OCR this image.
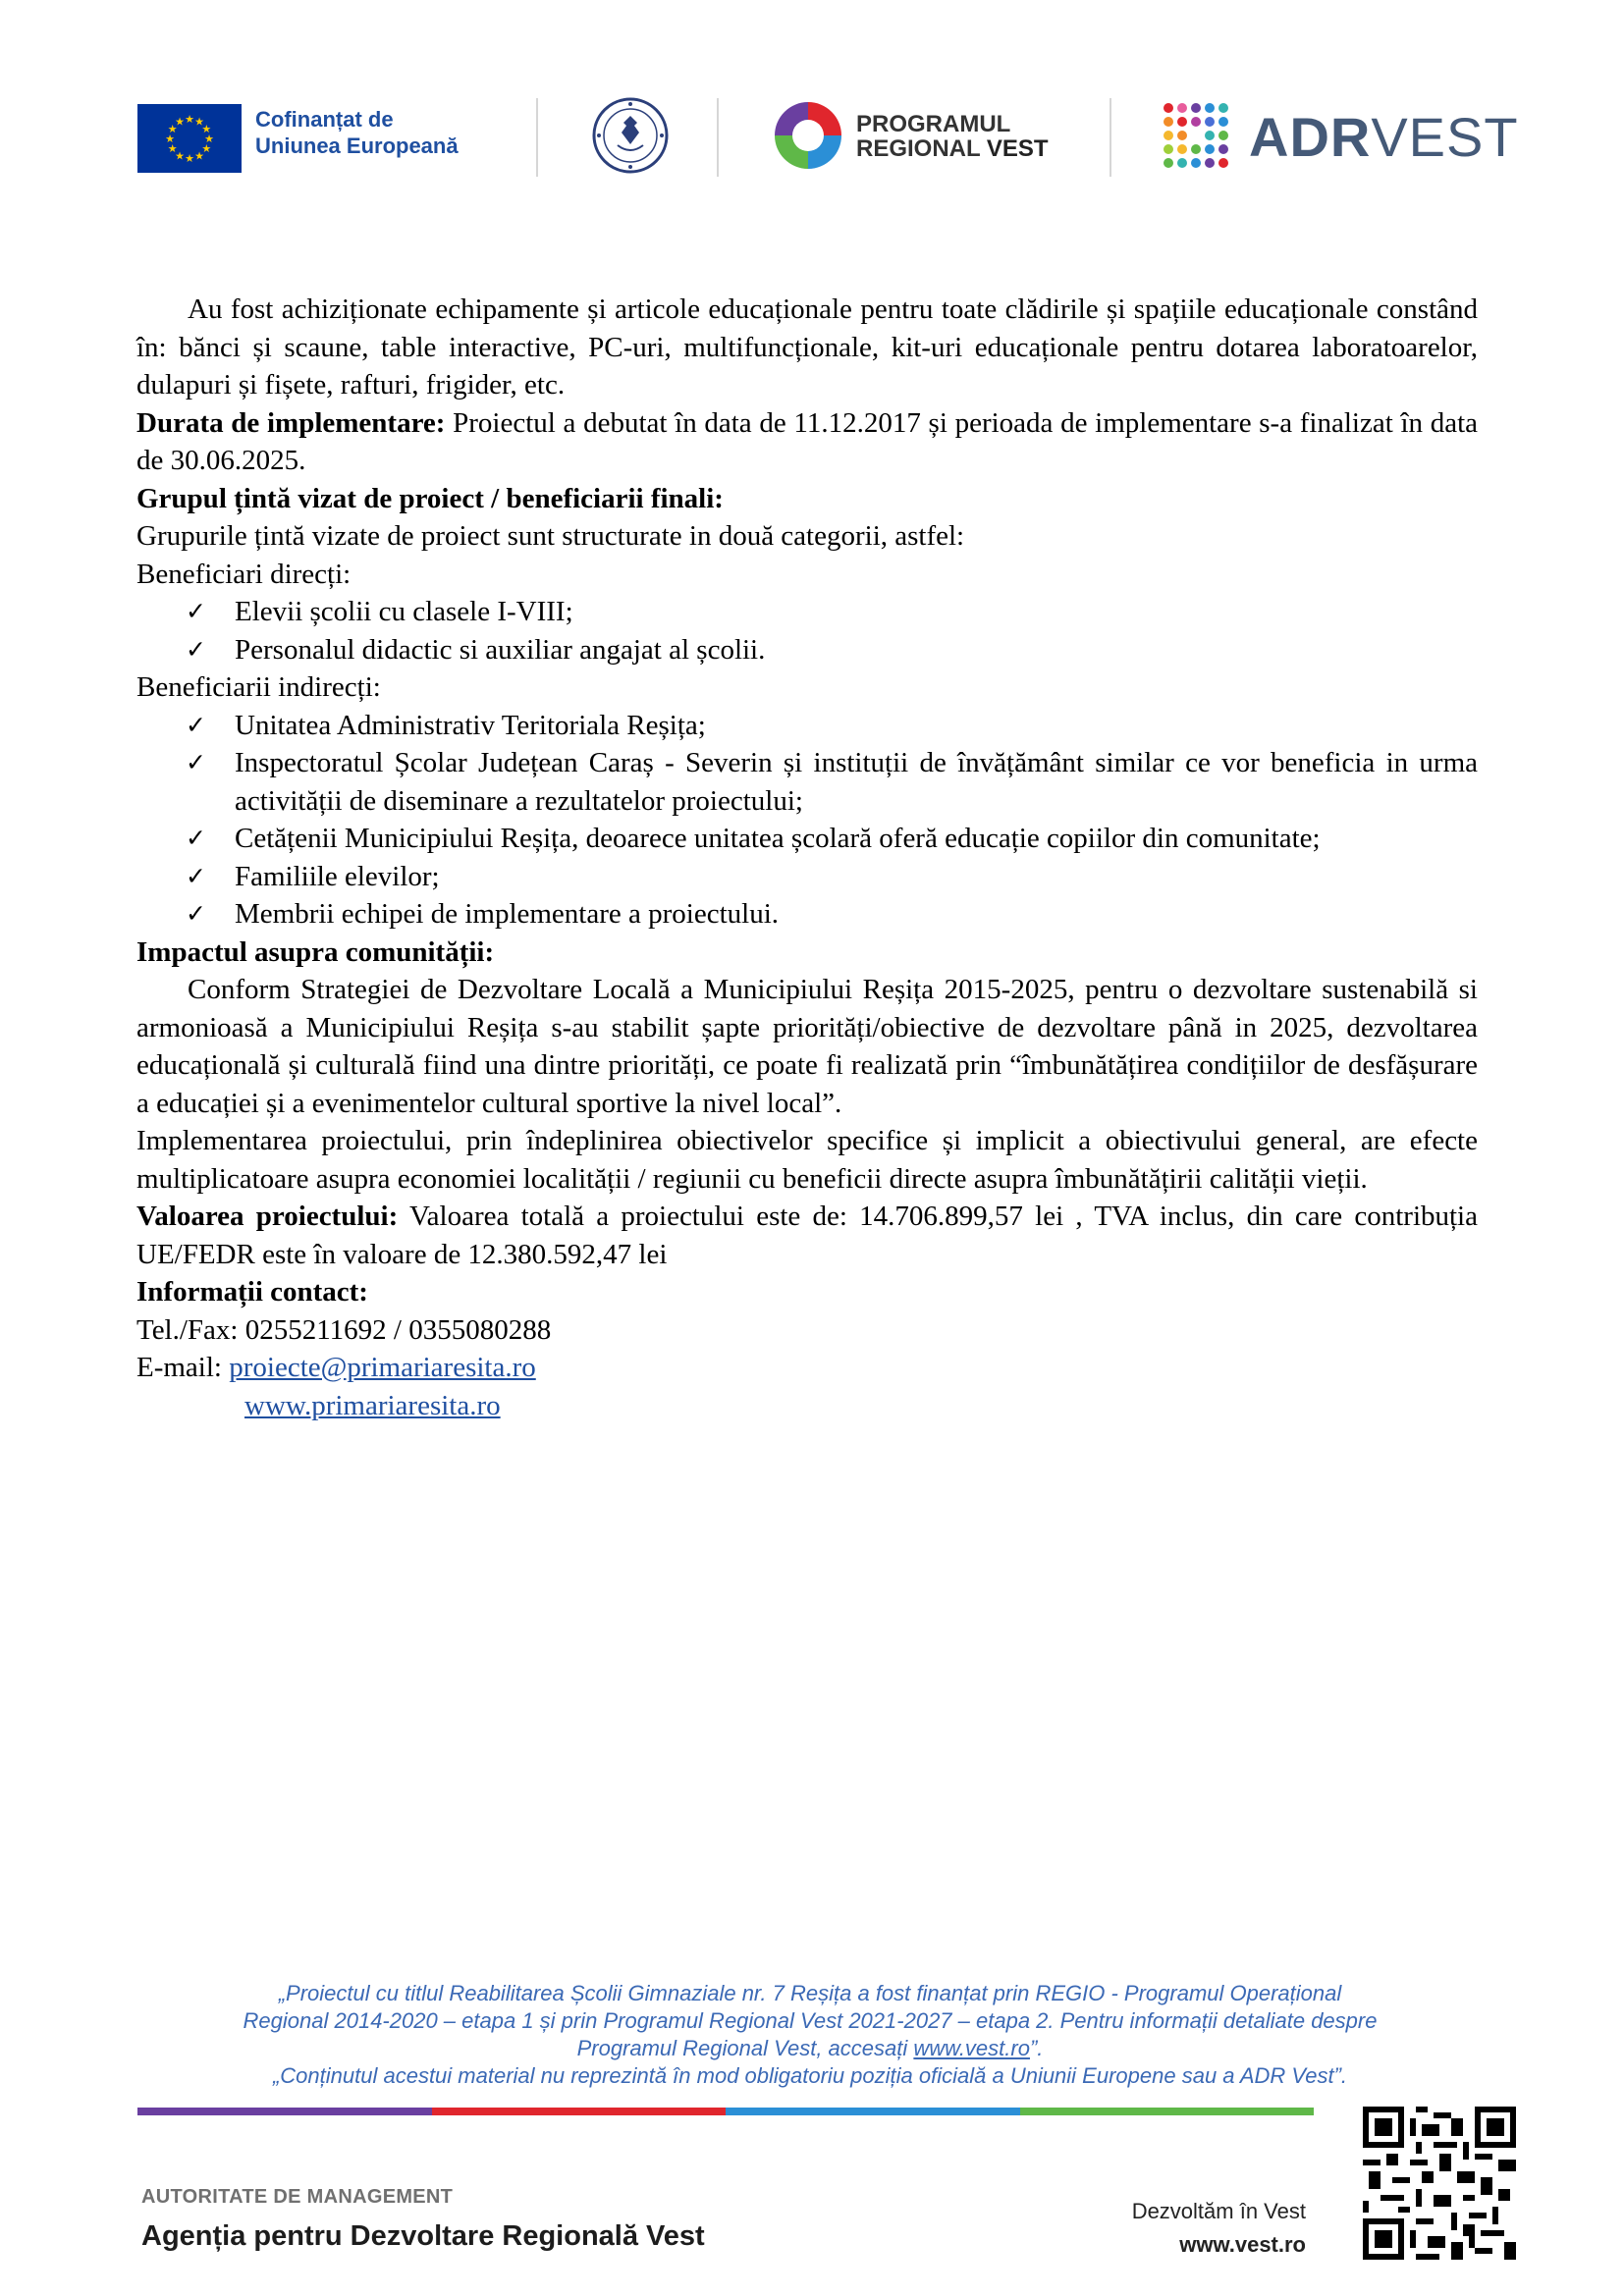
★ ★
★
★
★
★
★
★
★
★
★
★	Cofinanțat de
Uniunea Europeană
PROGRAMUL
REGIONAL VEST	ADRVEST

Au fost achiziționate echipamente și articole educaționale pentru toate clădirile și spațiile educaționale constând în: bănci și scaune, table interactive, PC-uri, multifuncționale, kit-uri educaționale pentru dotarea laboratoarelor, dulapuri și fișete, rafturi, frigider, etc.

Durata de implementare: Proiectul a debutat în data de 11.12.2017 și perioada de implementare s-a finalizat în data de 30.06.2025.

Grupul țintă vizat de proiect / beneficiarii finali:

Grupurile țintă vizate de proiect sunt structurate in două categorii, astfel:

Beneficiari direcți:

✓ Elevii școlii cu clasele I-VIII;
✓ Personalul didactic si auxiliar angajat al școlii.

Beneficiarii indirecți:

✓ Unitatea Administrativ Teritoriala Reșița;
✓ Inspectoratul Școlar Județean Caraș - Severin și instituții de învățământ similar ce vor beneficia in urma activității de diseminare a rezultatelor proiectului;
✓ Cetățenii Municipiului Reșița, deoarece unitatea școlară oferă educație copiilor din comunitate;
✓ Familiile elevilor;
✓ Membrii echipei de implementare a proiectului.

Impactul asupra comunității:

Conform Strategiei de Dezvoltare Locală a Municipiului Reșița 2015-2025, pentru o dezvoltare sustenabilă si armonioasă a Municipiului Reșița s-au stabilit șapte priorități/obiective de dezvoltare până in 2025, dezvoltarea educațională și culturală fiind una dintre priorități, ce poate fi realizată prin “îmbunătățirea condițiilor de desfășurare a educației și a evenimentelor cultural sportive la nivel local”.

Implementarea proiectului, prin îndeplinirea obiectivelor specifice și implicit a obiectivului general, are efecte multiplicatoare asupra economiei localității / regiunii cu beneficii directe asupra îmbunătățirii calității vieții.

Valoarea proiectului: Valoarea totală a proiectului este de: 14.706.899,57 lei , TVA inclus, din care contribuția UE/FEDR este în valoare de 12.380.592,47 lei

Informații contact:

Tel./Fax: 0255211692 / 0355080288

E-mail: proiecte@primariaresita.ro

www.primariaresita.ro

„Proiectul cu titlul Reabilitarea Școlii Gimnaziale nr. 7 Reșița a fost finanțat prin REGIO - Programul Operațional
Regional 2014-2020 – etapa 1 și prin Programul Regional Vest 2021-2027 – etapa 2. Pentru informații detaliate despre
Programul Regional Vest, accesați www.vest.ro”.
„Conținutul acestui material nu reprezintă în mod obligatoriu poziția oficială a Uniunii Europene sau a ADR Vest”.
AUTORITATE DE MANAGEMENT
Agenția pentru Dezvoltare Regională Vest
Dezvoltăm în Vest
www.vest.ro
